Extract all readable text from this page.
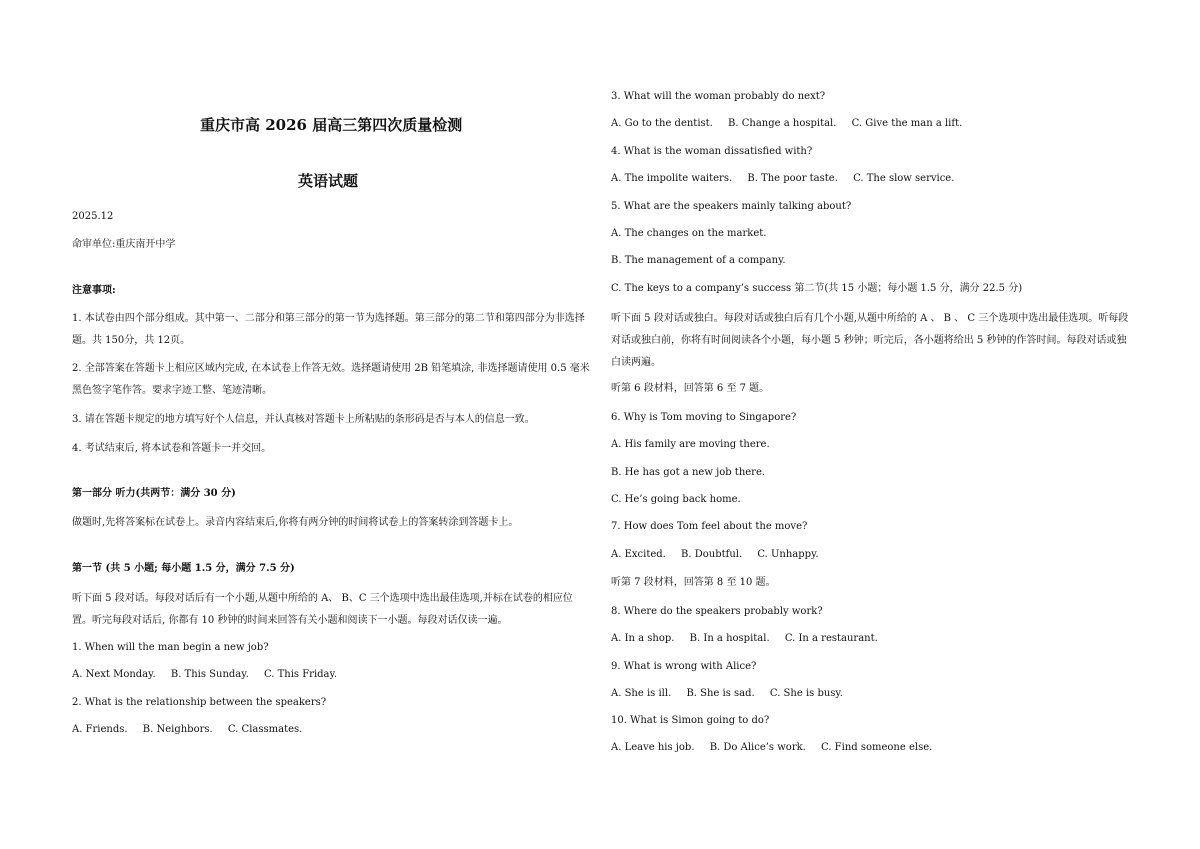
重庆市高 2026 届高三第四次质量检测
英语试题
2025.12
命审单位:重庆南开中学
注意事项:
1. 本试卷由四个部分组成。其中第一、二部分和第三部分的第一节为选择题。第三部分的第二节和第四部分为非选择题。共 150分，共 12页。
2. 全部答案在答题卡上相应区域内完成, 在本试卷上作答无效。选择题请使用 2B 铅笔填涂, 非选择题请使用 0.5 毫米黑色签字笔作答。要求字迹工整、笔迹清晰。
3. 请在答题卡规定的地方填写好个人信息，并认真核对答题卡上所粘贴的条形码是否与本人的信息一致。
4. 考试结束后, 将本试卷和答题卡一并交回。
第一部分 听力(共两节：满分 30 分)
做题时,先将答案标在试卷上。录音内容结束后,你将有两分钟的时间将试卷上的答案转涂到答题卡上。
第一节 (共 5 小题; 每小题 1.5 分，满分 7.5 分)
听下面 5 段对话。每段对话后有一个小题,从题中所给的 A、 B、C 三个选项中选出最佳选项,并标在试卷的相应位置。听完每段对话后, 你都有 10 秒钟的时间来回答有关小题和阅读下一小题。每段对话仅读一遍。
1. When will the man begin a new job?
A. Next Monday. B. This Sunday. C. This Friday.
2. What is the relationship between the speakers?
A. Friends. B. Neighbors. C. Classmates.
3. What will the woman probably do next?
A. Go to the dentist. B. Change a hospital. C. Give the man a lift.
4. What is the woman dissatisfied with?
A. The impolite waiters. B. The poor taste. C. The slow service.
5. What are the speakers mainly talking about?
A. The changes on the market.
B. The management of a company.
C. The keys to a company’s success 第二节(共 15 小题；每小题 1.5 分，满分 22.5 分)
听下面 5 段对话或独白。每段对话或独白后有几个小题,从题中所给的 A 、 B 、 C 三个选项中选出最佳选项。听每段对话或独白前，你将有时间阅读各个小题，每小题 5 秒钟；听完后，各小题将给出 5 秒钟的作答时间。每段对话或独白读两遍。
听第 6 段材料，回答第 6 至 7 题。
6. Why is Tom moving to Singapore?
A. His family are moving there.
B. He has got a new job there.
C. He’s going back home.
7. How does Tom feel about the move?
A. Excited. B. Doubtful. C. Unhappy.
听第 7 段材料，回答第 8 至 10 题。
8. Where do the speakers probably work?
A. In a shop. B. In a hospital. C. In a restaurant.
9. What is wrong with Alice?
A. She is ill. B. She is sad. C. She is busy.
10. What is Simon going to do?
A. Leave his job. B. Do Alice’s work. C. Find someone else.
